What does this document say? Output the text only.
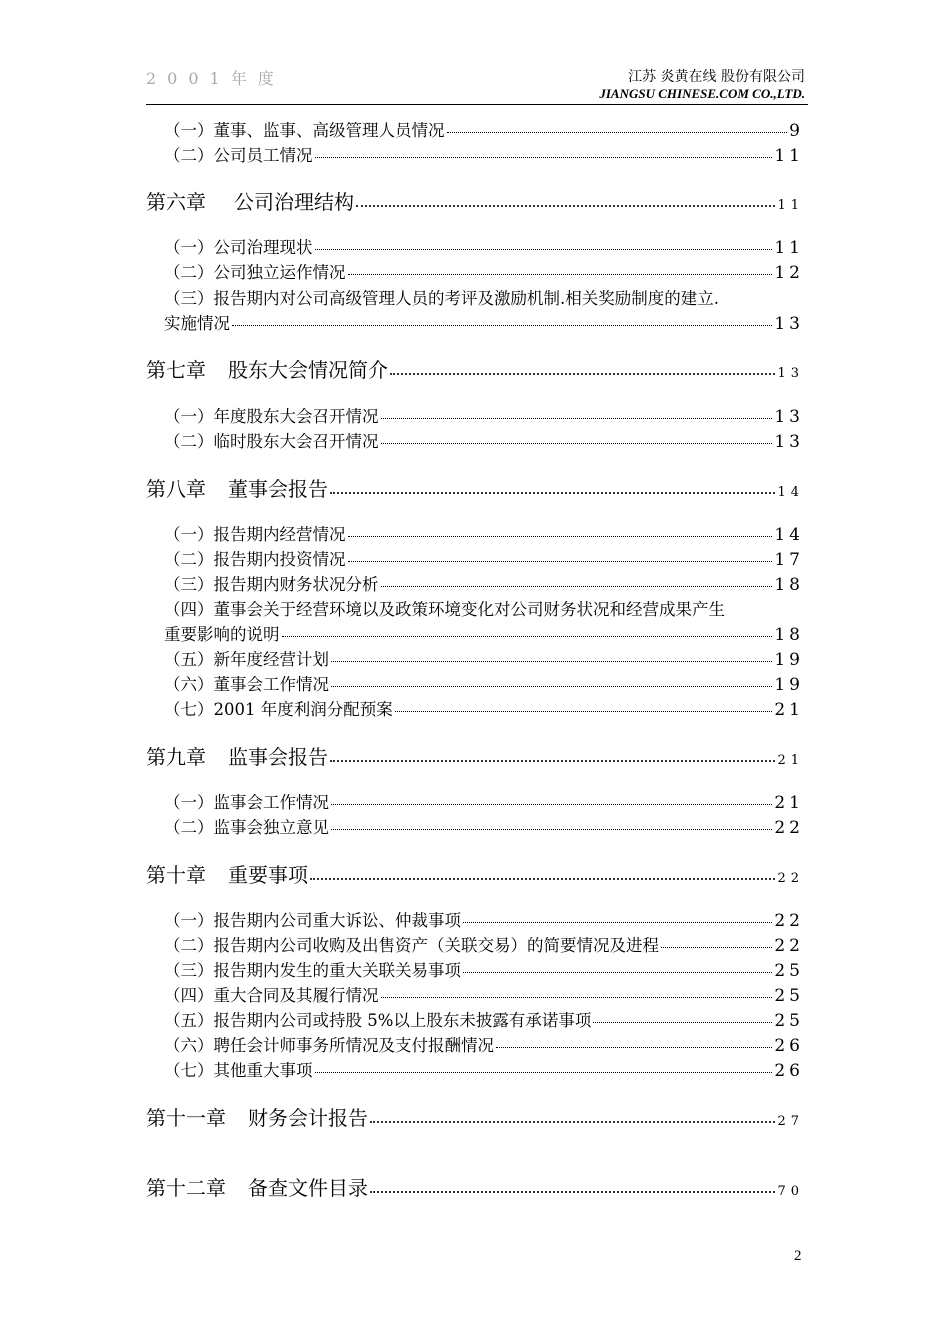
2001年度	江苏 炎黄在线 股份有限公司
JIANGSU CHINESE.COM CO.,LTD.
（一）董事、监事、高级管理人员情况	9
（二）公司员工情况	11
第六章 公司治理结构	11
（一）公司治理现状	11
（二）公司独立运作情况	12
（三）报告期内对公司高级管理人员的考评及激励机制.相关奖励制度的建立.
实施情况	13
第七章 股东大会情况简介	13
（一）年度股东大会召开情况	13
（二）临时股东大会召开情况	13
第八章 董事会报告	14
（一）报告期内经营情况	14
（二）报告期内投资情况	17
（三）报告期内财务状况分析	18
（四）董事会关于经营环境以及政策环境变化对公司财务状况和经营成果产生
重要影响的说明	18
（五）新年度经营计划	19
（六）董事会工作情况	19
（七）2001 年度利润分配预案	21
第九章 监事会报告	21
（一）监事会工作情况	21
（二）监事会独立意见	22
第十章 重要事项	22
（一）报告期内公司重大诉讼、仲裁事项	22
（二）报告期内公司收购及出售资产（关联交易）的简要情况及进程	22
（三）报告期内发生的重大关联关易事项	25
（四）重大合同及其履行情况	25
（五）报告期内公司或持股 5%以上股东未披露有承诺事项	25
（六）聘任会计师事务所情况及支付报酬情况	26
（七）其他重大事项	26
第十一章 财务会计报告	27
第十二章 备查文件目录	70
2
